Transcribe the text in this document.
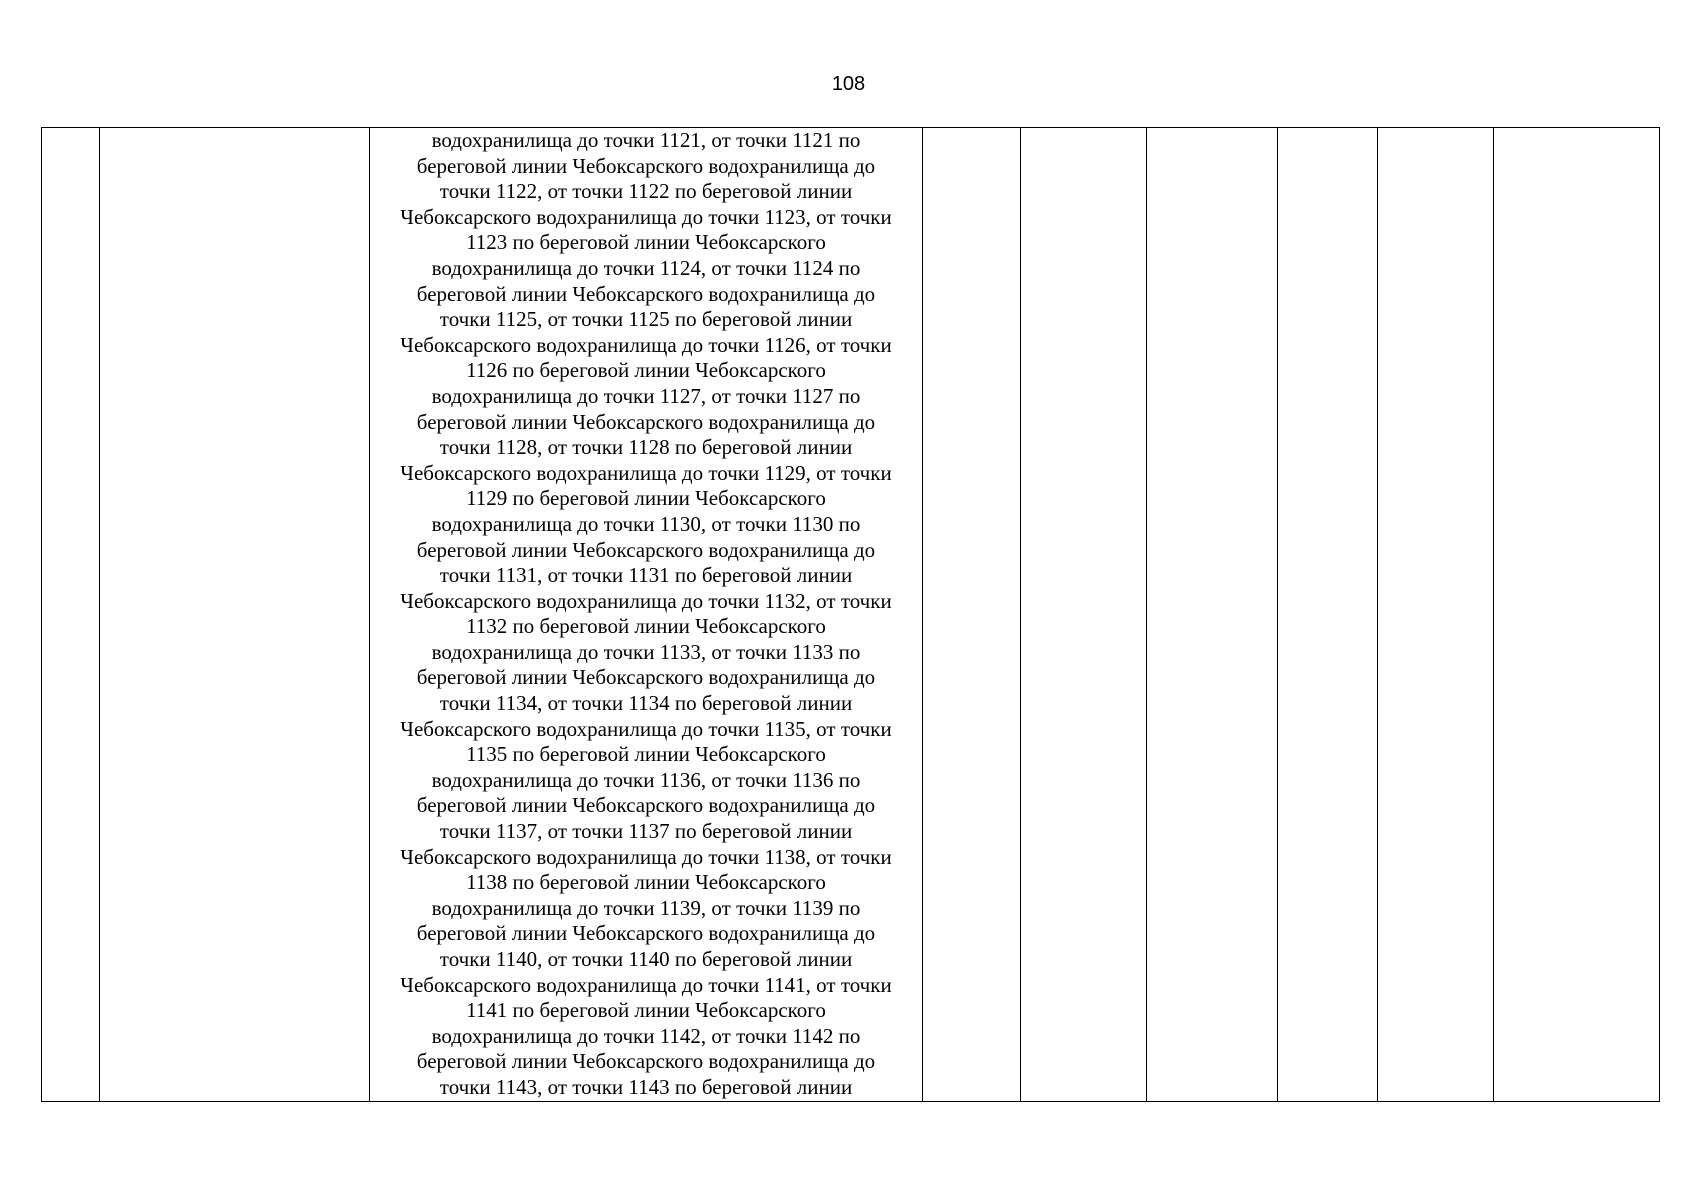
108

водохранилища до точки 1121, от точки 1121 по
береговой линии Чебоксарского водохранилища до
точки 1122, от точки 1122 по береговой линии
Чебоксарского водохранилища до точки 1123, от точки
1123 по береговой линии Чебоксарского
водохранилища до точки 1124, от точки 1124 по
береговой линии Чебоксарского водохранилища до
точки 1125, от точки 1125 по береговой линии
Чебоксарского водохранилища до точки 1126, от точки
1126 по береговой линии Чебоксарского
водохранилища до точки 1127, от точки 1127 по
береговой линии Чебоксарского водохранилища до
точки 1128, от точки 1128 по береговой линии
Чебоксарского водохранилища до точки 1129, от точки
1129 по береговой линии Чебоксарского
водохранилища до точки 1130, от точки 1130 по
береговой линии Чебоксарского водохранилища до
точки 1131, от точки 1131 по береговой линии
Чебоксарского водохранилища до точки 1132, от точки
1132 по береговой линии Чебоксарского
водохранилища до точки 1133, от точки 1133 по
береговой линии Чебоксарского водохранилища до
точки 1134, от точки 1134 по береговой линии
Чебоксарского водохранилища до точки 1135, от точки
1135 по береговой линии Чебоксарского
водохранилища до точки 1136, от точки 1136 по
береговой линии Чебоксарского водохранилища до
точки 1137, от точки 1137 по береговой линии
Чебоксарского водохранилища до точки 1138, от точки
1138 по береговой линии Чебоксарского
водохранилища до точки 1139, от точки 1139 по
береговой линии Чебоксарского водохранилища до
точки 1140, от точки 1140 по береговой линии
Чебоксарского водохранилища до точки 1141, от точки
1141 по береговой линии Чебоксарского
водохранилища до точки 1142, от точки 1142 по
береговой линии Чебоксарского водохранилища до
точки 1143, от точки 1143 по береговой линии
